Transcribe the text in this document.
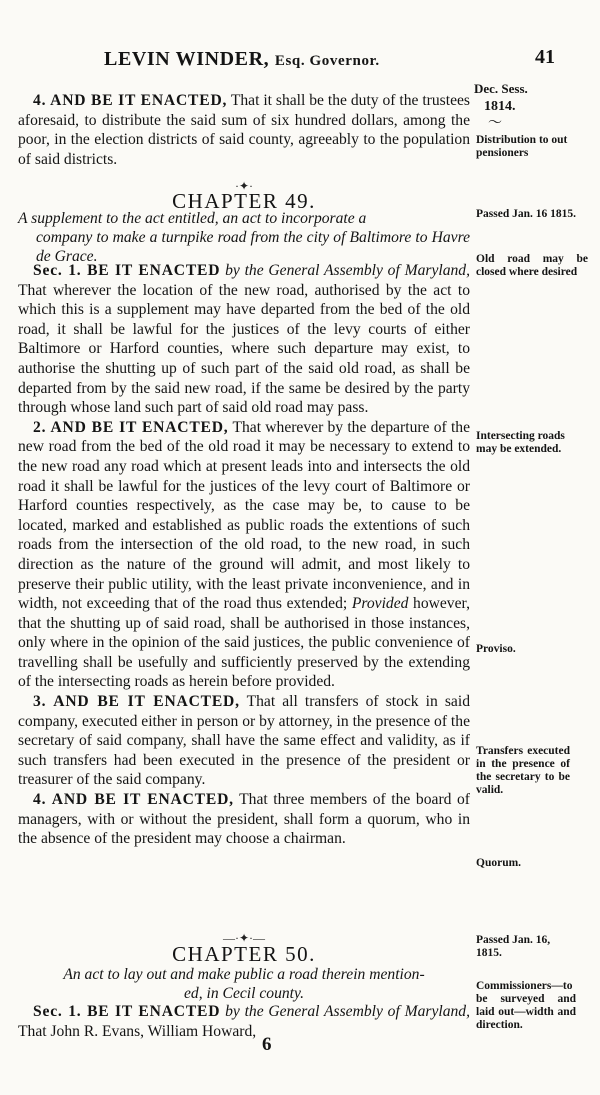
LEVIN WINDER, Esq. Governor.	41

4. AND BE IT ENACTED, That it shall be the duty of the trustees aforesaid, to distribute the said sum of six hundred dollars, among the poor, in the election districts of said county, agreeably to the population of said districts.

·✦·
CHAPTER 49.
A supplement to the act entitled, an act to incorporate a
company to make a turnpike road from the city of Baltimore to Havre de Grace.

Sec. 1. BE IT ENACTED by the General Assembly of Maryland, That wherever the location of the new road, authorised by the act to which this is a supplement may have departed from the bed of the old road, it shall be lawful for the justices of the levy courts of either Baltimore or Harford counties, where such departure may exist, to authorise the shutting up of such part of the said old road, as shall be departed from by the said new road, if the same be desired by the party through whose land such part of said old road may pass.

2. AND BE IT ENACTED, That wherever by the departure of the new road from the bed of the old road it may be necessary to extend to the new road any road which at present leads into and intersects the old road it shall be lawful for the justices of the levy court of Baltimore or Harford counties respectively, as the case may be, to cause to be located, marked and established as public roads the extentions of such roads from the intersection of the old road, to the new road, in such direction as the nature of the ground will admit, and most likely to preserve their public utility, with the least private inconvenience, and in width, not exceeding that of the road thus extended; Provided however, that the shutting up of said road, shall be authorised in those instances, only where in the opinion of the said justices, the public convenience of travelling shall be usefully and sufficiently preserved by the extending of the intersecting roads as herein before provided.

3. AND BE IT ENACTED, That all transfers of stock in said company, executed either in person or by attorney, in the presence of the secretary of said company, shall have the same effect and validity, as if such transfers had been executed in the presence of the president or treasurer of the said company.

4. AND BE IT ENACTED, That three members of the board of managers, with or without the president, shall form a quorum, who in the absence of the president may choose a chairman.

—·✦·—
CHAPTER 50.
An act to lay out and make public a road therein mention-
ed, in Cecil county.

Sec. 1. BE IT ENACTED by the General Assembly of Maryland, That John R. Evans, William Howard,

6
Dec. Sess.
1814.
〜
Distribution to out pensioners
Passed Jan. 16 1815.
Old road may be closed where desired
Intersecting roads may be extended.
Proviso.
Transfers executed in the presence of the secretary to be valid.
Quorum.
Passed Jan. 16, 1815.
Commissioners—to be surveyed and laid out—width and direction.
